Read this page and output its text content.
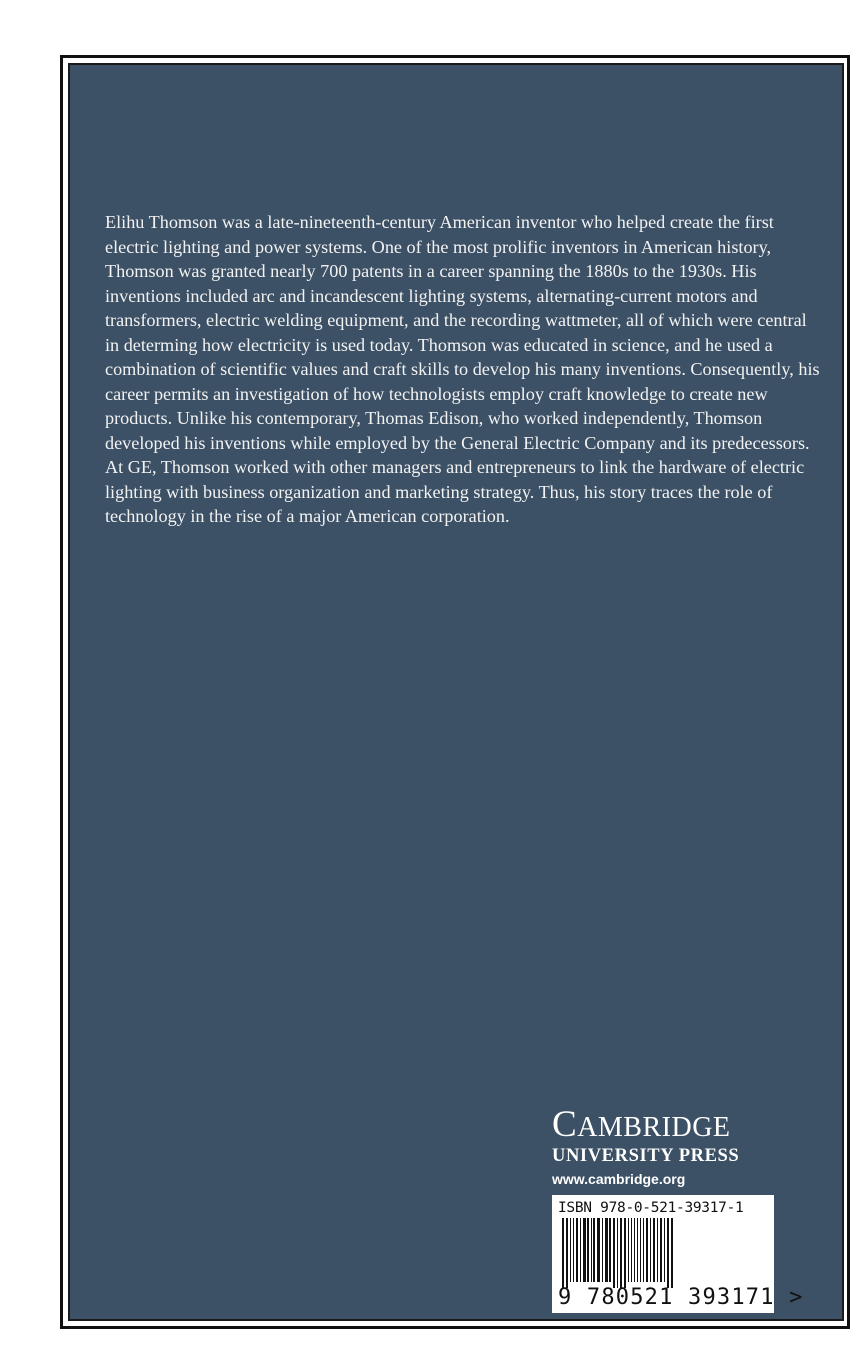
Elihu Thomson was a late-nineteenth-century American inventor who helped create the first electric lighting and power systems. One of the most prolific inventors in American history, Thomson was granted nearly 700 patents in a career spanning the 1880s to the 1930s. His inventions included arc and incandescent lighting systems, alternating-current motors and transformers, electric welding equipment, and the recording wattmeter, all of which were central in determing how electricity is used today. Thomson was educated in science, and he used a combination of scientific values and craft skills to develop his many inventions. Consequently, his career permits an investigation of how technologists employ craft knowledge to create new products. Unlike his contemporary, Thomas Edison, who worked independently, Thomson developed his inventions while employed by the General Electric Company and its predecessors. At GE, Thomson worked with other managers and entrepreneurs to link the hardware of electric lighting with business organization and marketing strategy. Thus, his story traces the role of technology in the rise of a major American corporation.

CAMBRIDGE
UNIVERSITY PRESS
www.cambridge.org
ISBN 978-0-521-39317-1
9 780521 393171 >
